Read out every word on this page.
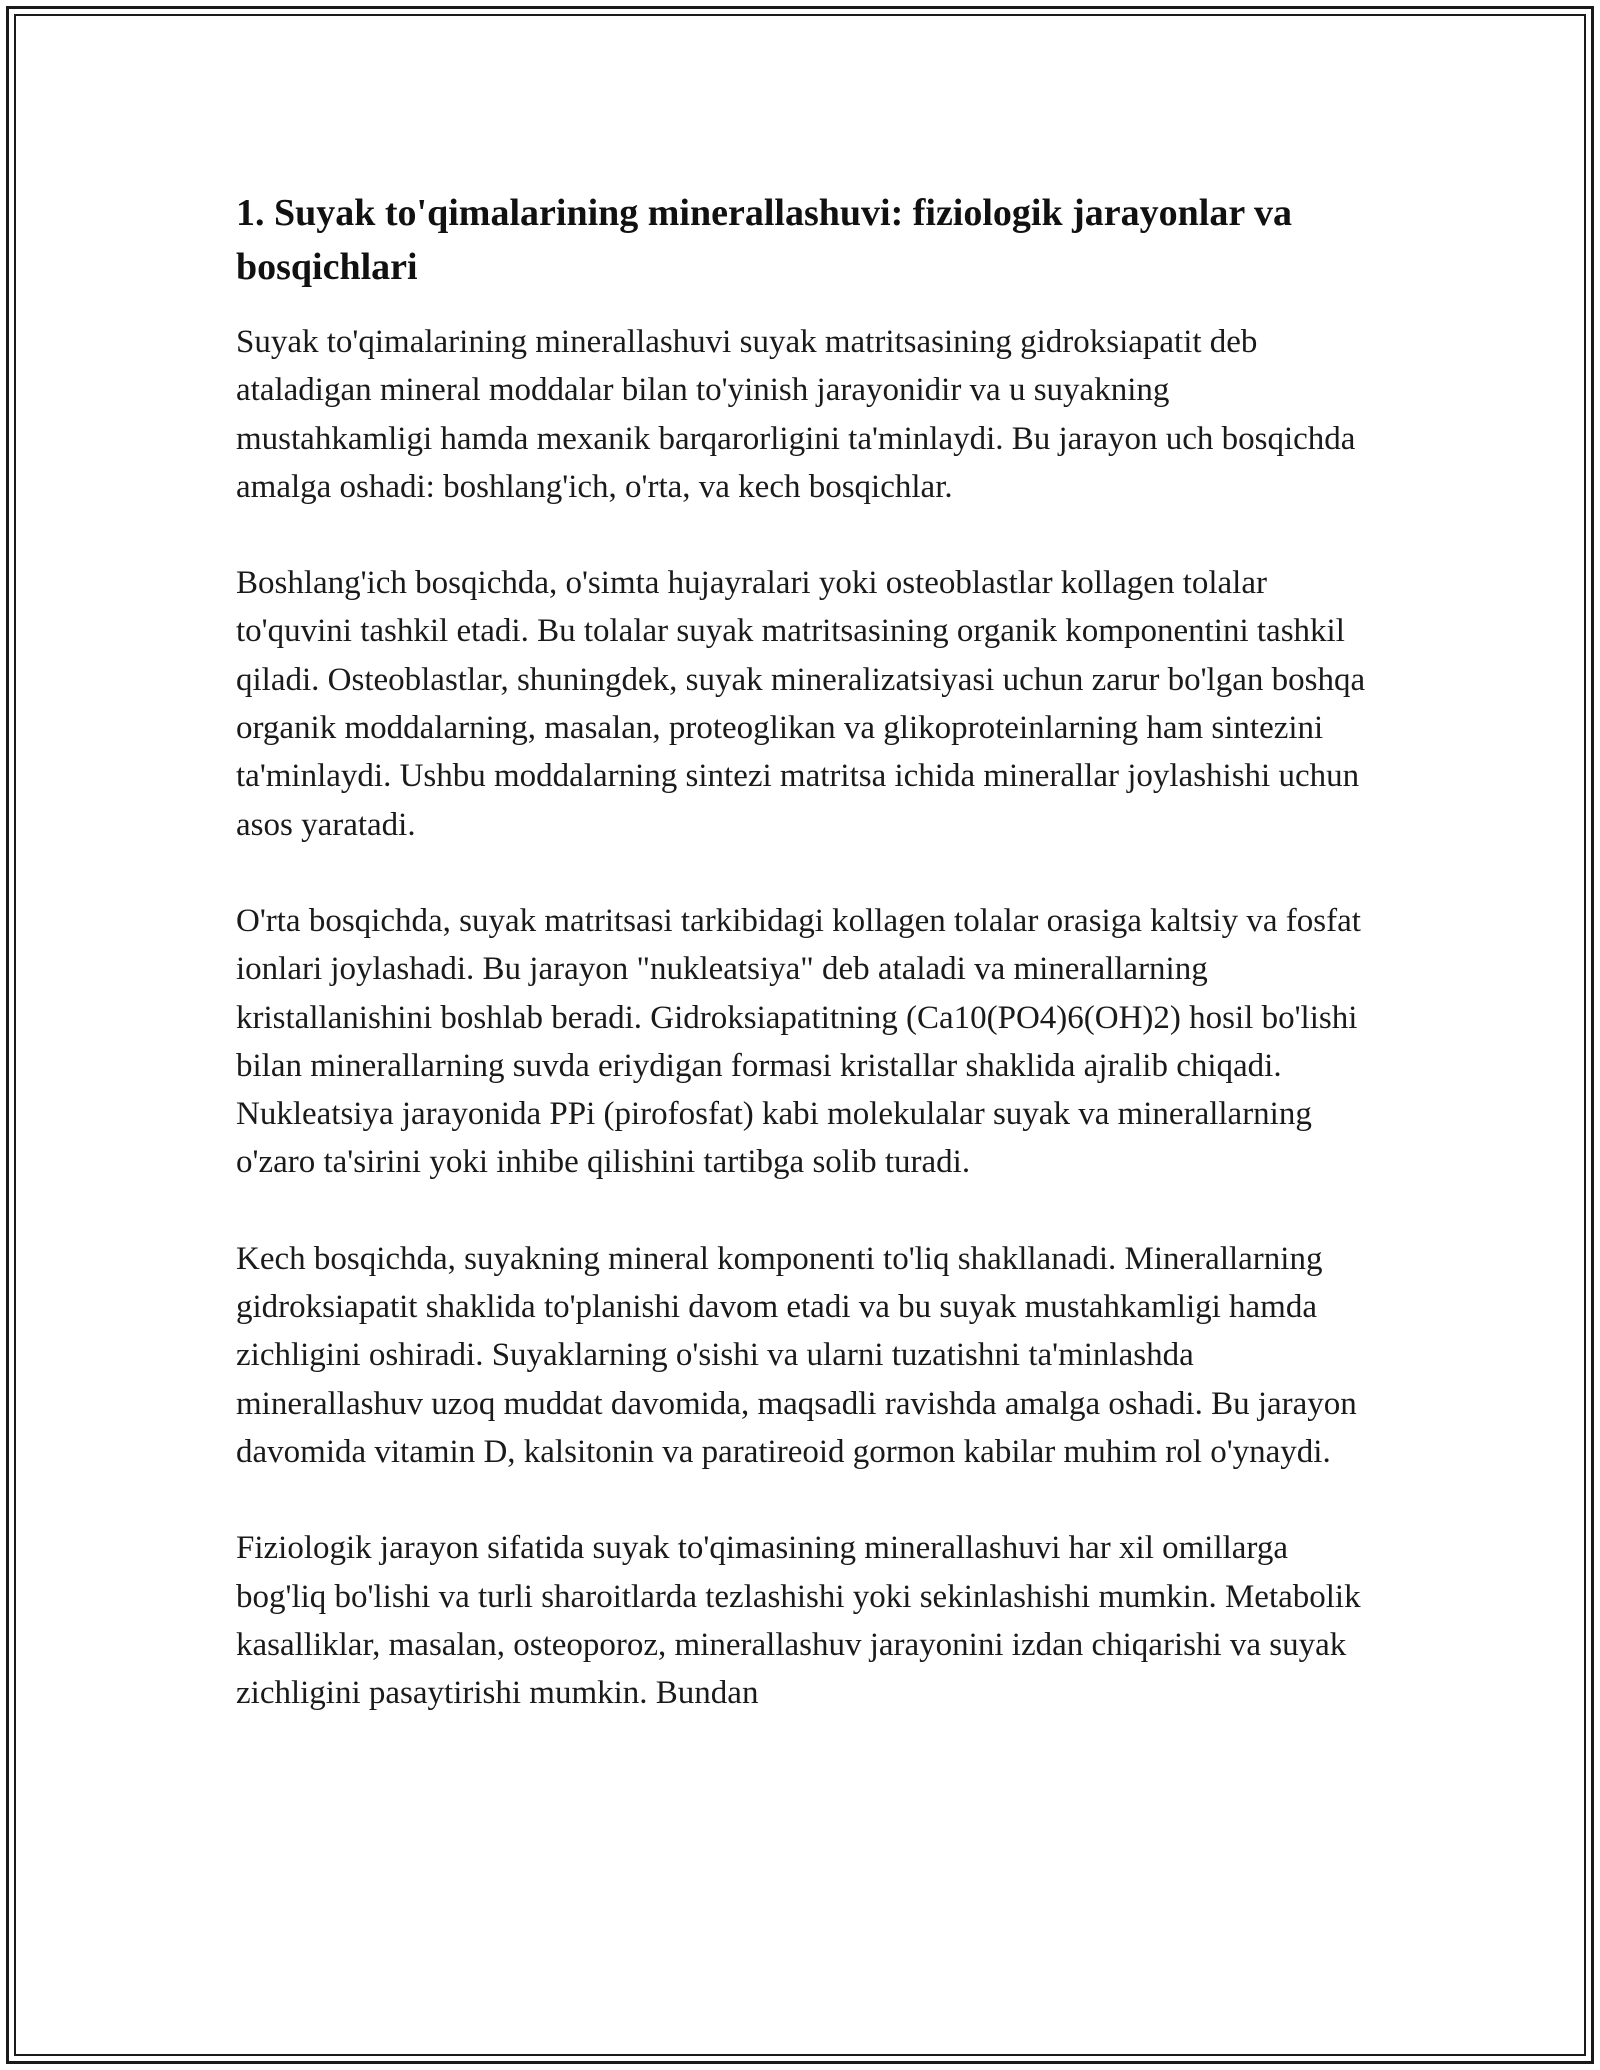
1. Suyak to'qimalarining minerallashuvi: fiziologik jarayonlar va bosqichlari

Suyak to'qimalarining minerallashuvi suyak matritsasining gidroksiapatit deb ataladigan mineral moddalar bilan to'yinish jarayonidir va u suyakning mustahkamligi hamda mexanik barqarorligini ta'minlaydi. Bu jarayon uch bosqichda amalga oshadi: boshlang'ich, o'rta, va kech bosqichlar.

Boshlang'ich bosqichda, o'simta hujayralari yoki osteoblastlar kollagen tolalar to'quvini tashkil etadi. Bu tolalar suyak matritsasining organik komponentini tashkil qiladi. Osteoblastlar, shuningdek, suyak mineralizatsiyasi uchun zarur bo'lgan boshqa organik moddalarning, masalan, proteoglikan va glikoproteinlarning ham sintezini ta'minlaydi. Ushbu moddalarning sintezi matritsa ichida minerallar joylashishi uchun asos yaratadi.

O'rta bosqichda, suyak matritsasi tarkibidagi kollagen tolalar orasiga kaltsiy va fosfat ionlari joylashadi. Bu jarayon "nukleatsiya" deb ataladi va minerallarning kristallanishini boshlab beradi. Gidroksiapatitning (Ca10(PO4)6(OH)2) hosil bo'lishi bilan minerallarning suvda eriydigan formasi kristallar shaklida ajralib chiqadi. Nukleatsiya jarayonida PPi (pirofosfat) kabi molekulalar suyak va minerallarning o'zaro ta'sirini yoki inhibe qilishini tartibga solib turadi.

Kech bosqichda, suyakning mineral komponenti to'liq shakllanadi. Minerallarning gidroksiapatit shaklida to'planishi davom etadi va bu suyak mustahkamligi hamda zichligini oshiradi. Suyaklarning o'sishi va ularni tuzatishni ta'minlashda minerallashuv uzoq muddat davomida, maqsadli ravishda amalga oshadi. Bu jarayon davomida vitamin D, kalsitonin va paratireoid gormon kabilar muhim rol o'ynaydi.

Fiziologik jarayon sifatida suyak to'qimasining minerallashuvi har xil omillarga bog'liq bo'lishi va turli sharoitlarda tezlashishi yoki sekinlashishi mumkin. Metabolik kasalliklar, masalan, osteoporoz, minerallashuv jarayonini izdan chiqarishi va suyak zichligini pasaytirishi mumkin. Bundan
